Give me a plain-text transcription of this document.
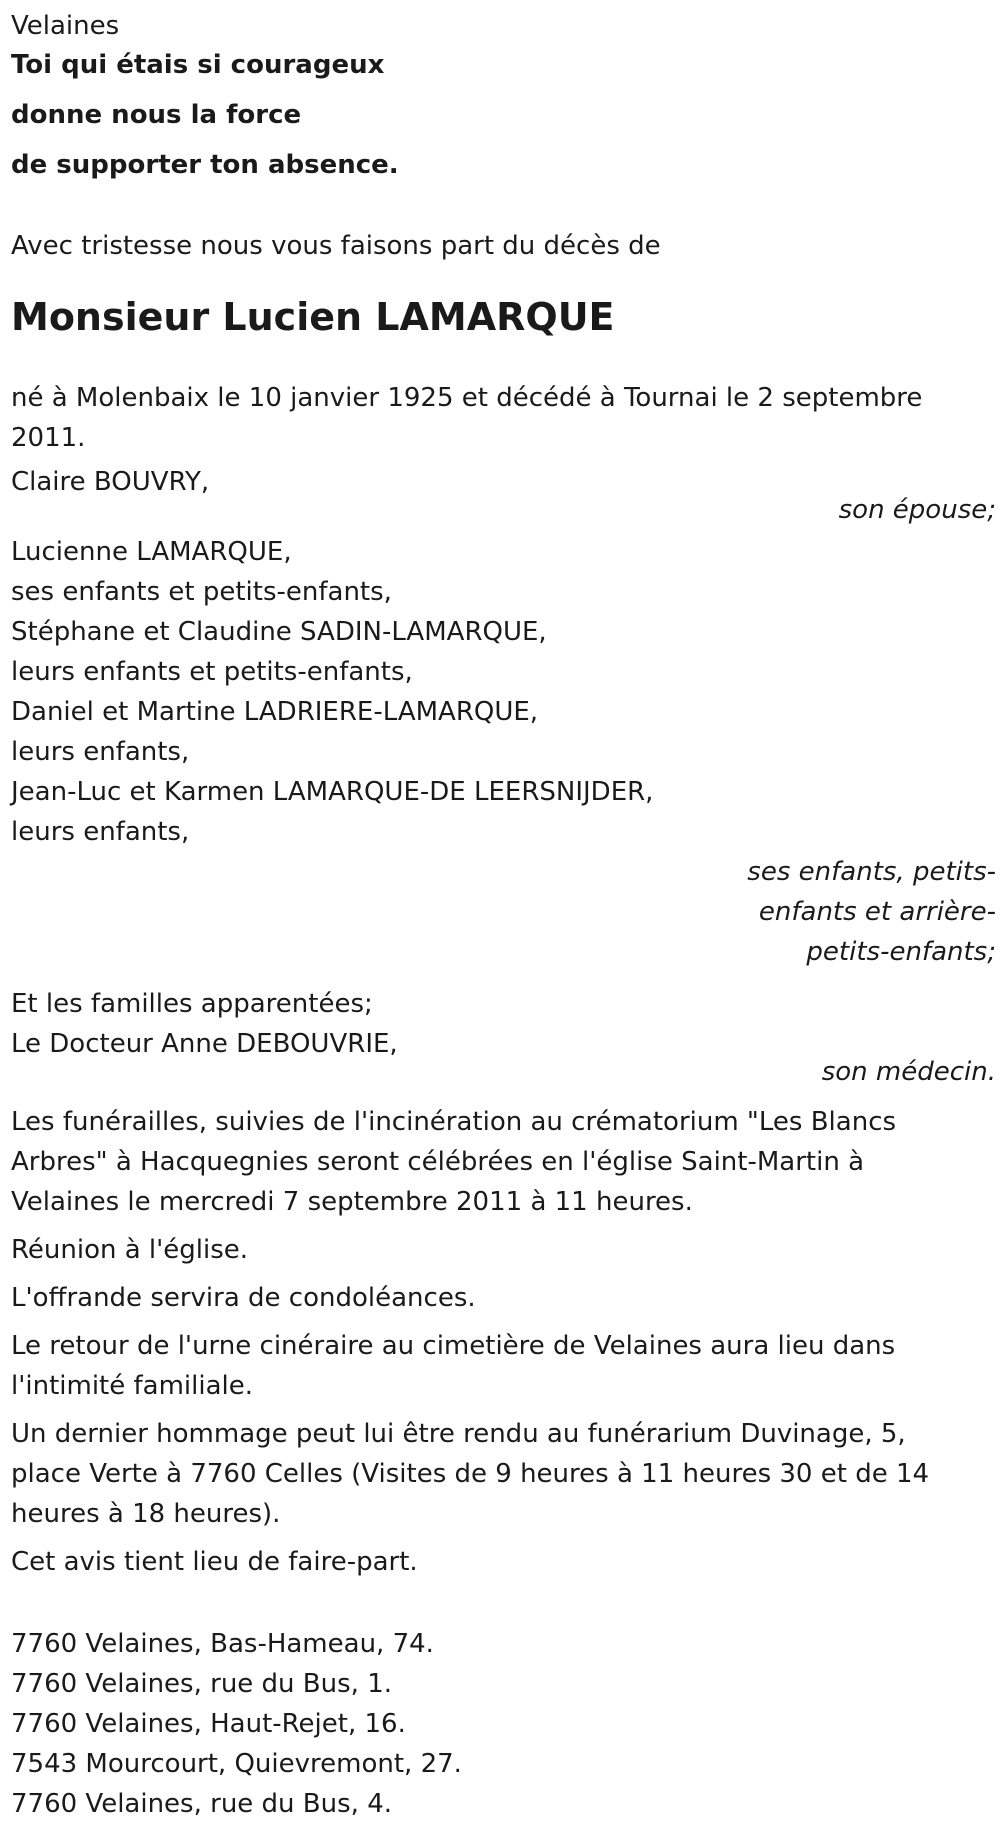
Velaines
Toi qui étais si courageux
donne nous la force
de supporter ton absence.
Avec tristesse nous vous faisons part du décès de
Monsieur Lucien LAMARQUE
né à Molenbaix le 10 janvier 1925 et décédé à Tournai le 2 septembre 2011.
Claire BOUVRY,
son épouse;
Lucienne LAMARQUE,
ses enfants et petits-enfants,
Stéphane et Claudine SADIN-LAMARQUE,
leurs enfants et petits-enfants,
Daniel et Martine LADRIERE-LAMARQUE,
leurs enfants,
Jean-Luc et Karmen LAMARQUE-DE LEERSNIJDER,
leurs enfants,
ses enfants, petits-enfants et arrière-petits-enfants;
Et les familles apparentées;
Le Docteur Anne DEBOUVRIE,
son médecin.
Les funérailles, suivies de l'incinération au crématorium "Les Blancs Arbres" à Hacquegnies seront célébrées en l'église Saint-Martin à Velaines le mercredi 7 septembre 2011 à 11 heures.
Réunion à l'église.
L'offrande servira de condoléances.
Le retour de l'urne cinéraire au cimetière de Velaines aura lieu dans l'intimité familiale.
Un dernier hommage peut lui être rendu au funérarium Duvinage, 5, place Verte à 7760 Celles (Visites de 9 heures à 11 heures 30 et de 14 heures à 18 heures).
Cet avis tient lieu de faire-part.
7760 Velaines, Bas-Hameau, 74.
7760 Velaines, rue du Bus, 1.
7760 Velaines, Haut-Rejet, 16.
7543 Mourcourt, Quievremont, 27.
7760 Velaines, rue du Bus, 4.
